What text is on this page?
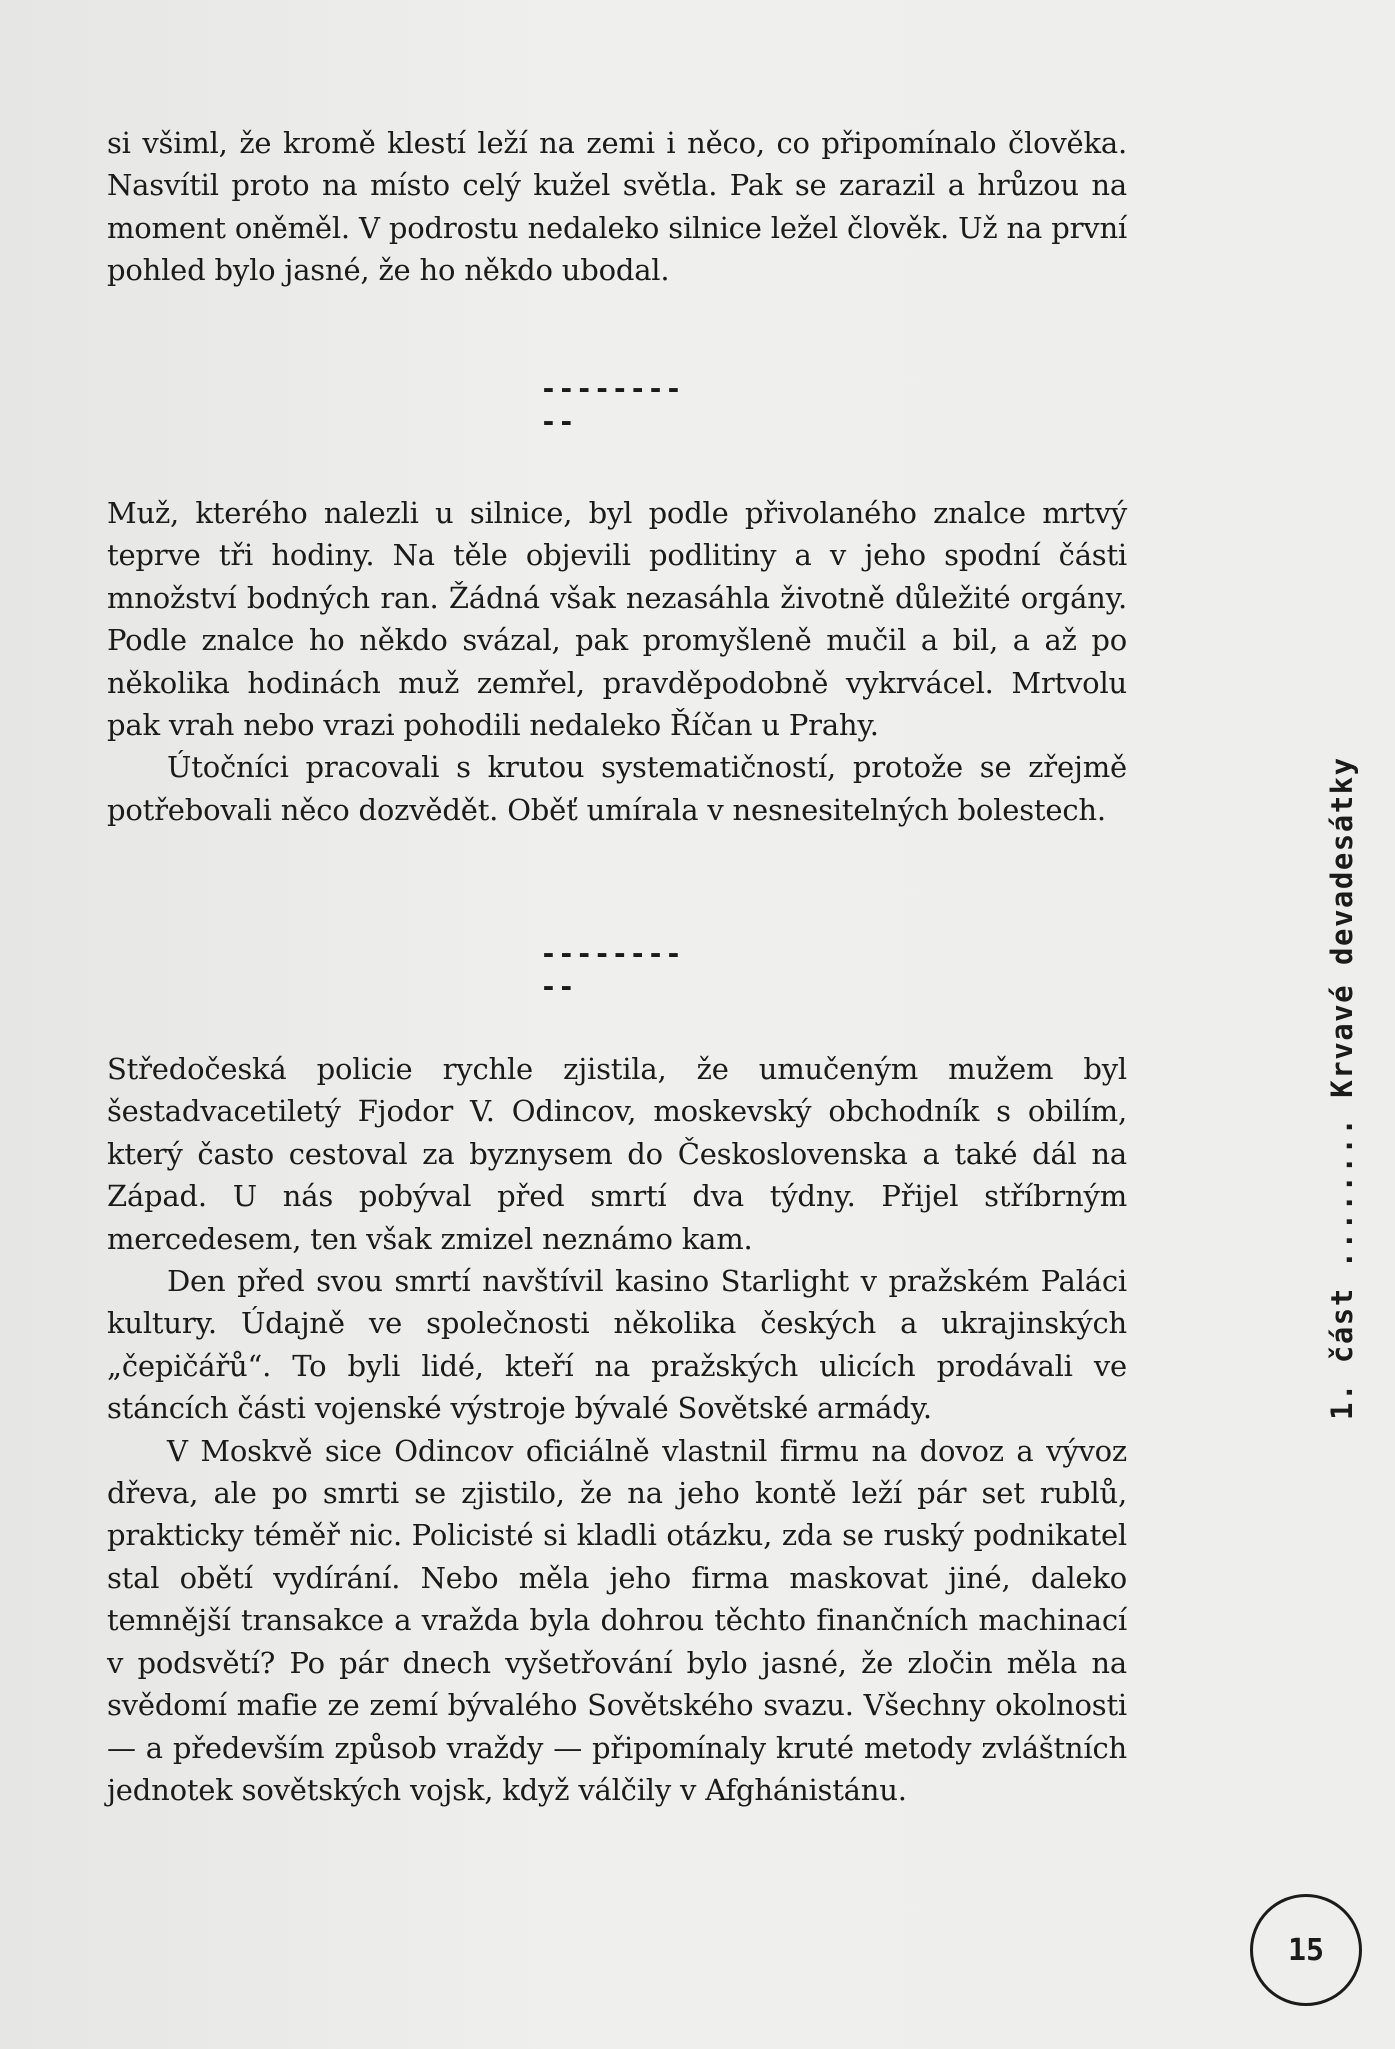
si všiml, že kromě klestí leží na zemi i něco, co připomínalo člověka. Nasvítil proto na místo celý kužel světla. Pak se zarazil a hrůzou na moment oněměl. V podrostu nedaleko silnice ležel člověk. Už na první pohled bylo jasné, že ho někdo ubodal.

----------

Muž, kterého nalezli u silnice, byl podle přivolaného znalce mrtvý teprve tři hodiny. Na těle objevili podlitiny a v jeho spodní části množství bodných ran. Žádná však nezasáhla životně důležité orgány. Podle znalce ho někdo svázal, pak promyšleně mučil a bil, a až po několika hodinách muž zemřel, pravděpodobně vykrvácel. Mrtvolu pak vrah nebo vrazi pohodili nedaleko Říčan u Prahy.

Útočníci pracovali s krutou systematičností, protože se zřejmě potřebovali něco dozvědět. Oběť umírala v nesnesitelných bolestech.

----------

Středočeská policie rychle zjistila, že umučeným mužem byl šestadvacetiletý Fjodor V. Odincov, moskevský obchodník s obilím, který často cestoval za byznysem do Československa a také dál na Západ. U nás pobýval před smrtí dva týdny. Přijel stříbrným mercedesem, ten však zmizel neznámo kam.

Den před svou smrtí navštívil kasino Starlight v pražském Paláci kultury. Údajně ve společnosti několika českých a ukrajinských „čepičářů“. To byli lidé, kteří na pražských ulicích prodávali ve stáncích části vojenské výstroje bývalé Sovětské armády.

V Moskvě sice Odincov oficiálně vlastnil firmu na dovoz a vývoz dřeva, ale po smrti se zjistilo, že na jeho kontě leží pár set rublů, prakticky téměř nic. Policisté si kladli otázku, zda se ruský podnikatel stal obětí vydírání. Nebo měla jeho firma maskovat jiné, daleko temnější transakce a vražda byla dohrou těchto finančních machinací v podsvětí? Po pár dnech vyšetřování bylo jasné, že zločin měla na svědomí mafie ze zemí bývalého Sovětského svazu. Všechny okolnosti — a především způsob vraždy — připomínaly kruté metody zvláštních jednotek sovětských vojsk, když válčily v Afghánistánu.

1. část ........ Krvavé devadesátky
15
